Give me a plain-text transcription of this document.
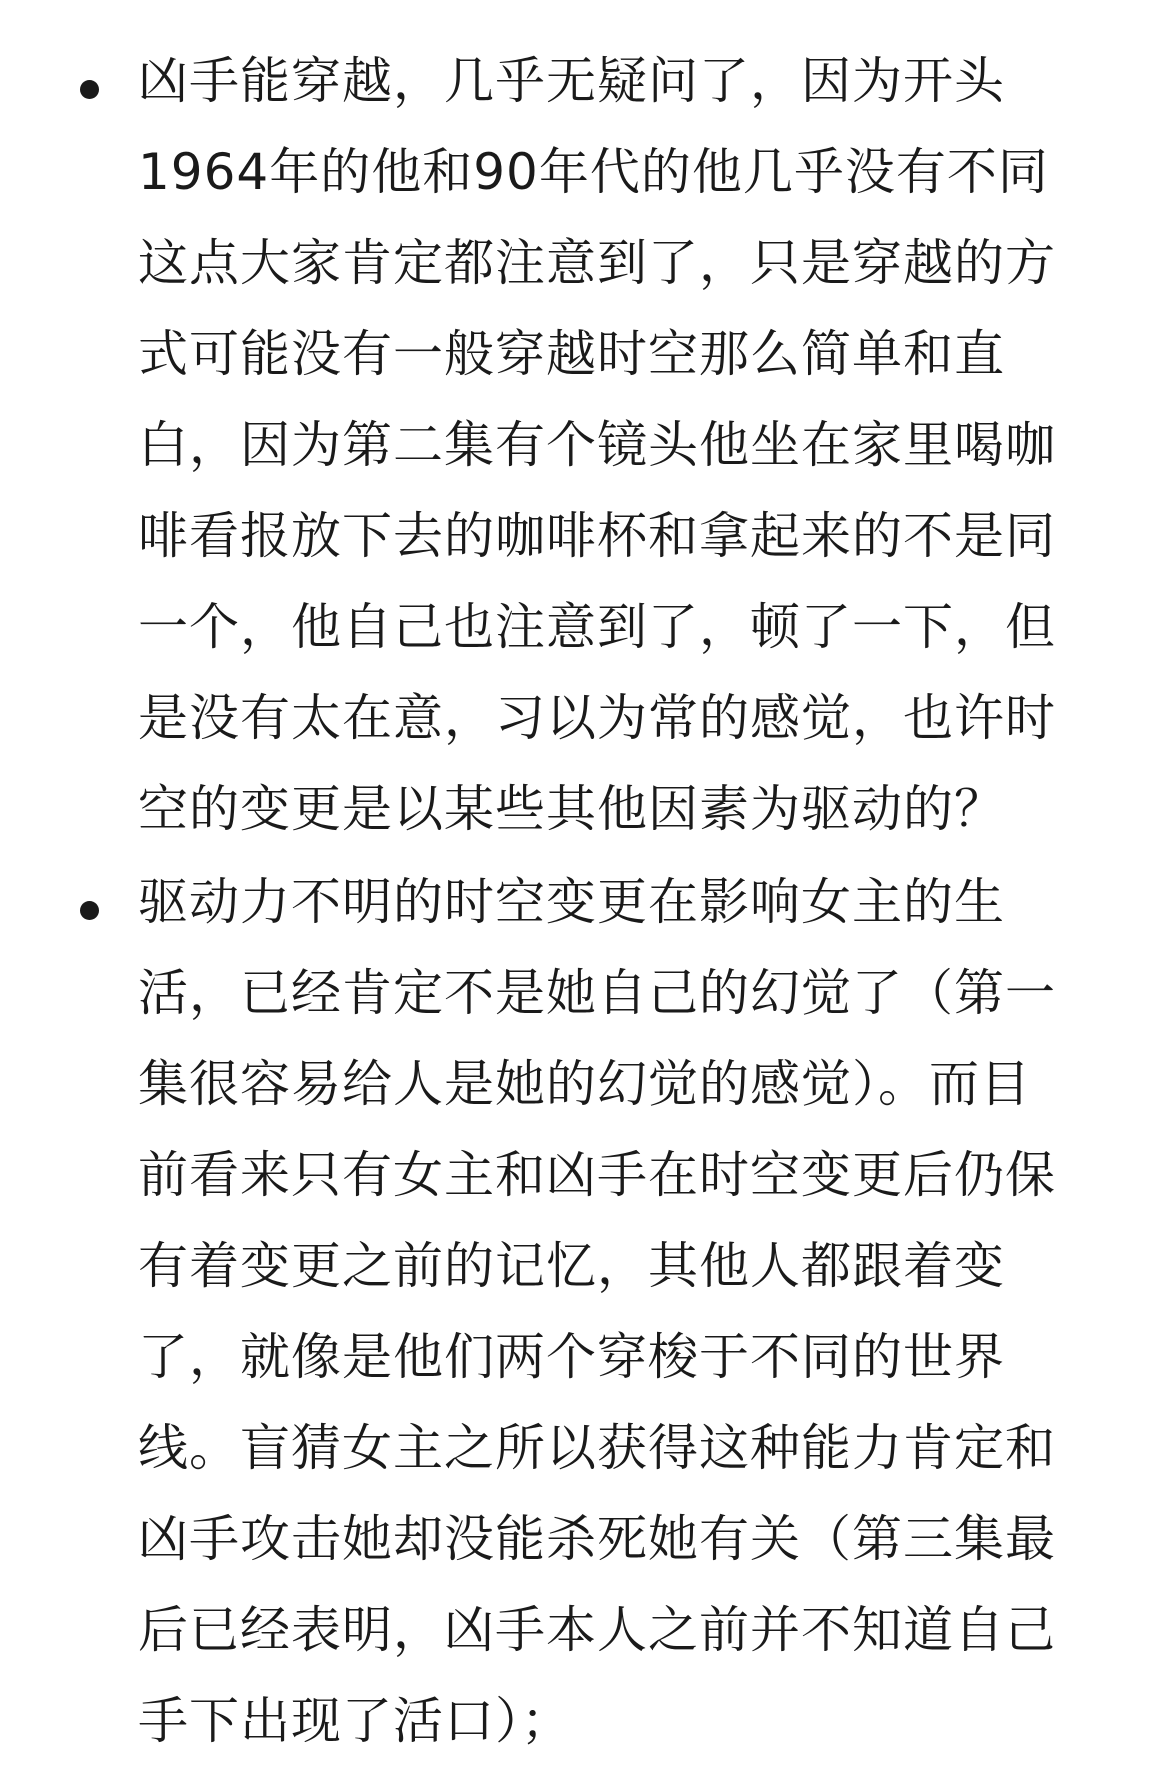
凶手能穿越，几乎无疑问了，因为开头
1964年的他和90年代的他几乎没有不同
这点大家肯定都注意到了，只是穿越的方
式可能没有一般穿越时空那么简单和直
白，因为第二集有个镜头他坐在家里喝咖
啡看报放下去的咖啡杯和拿起来的不是同
一个，他自己也注意到了，顿了一下，但
是没有太在意，习以为常的感觉，也许时
空的变更是以某些其他因素为驱动的？
驱动力不明的时空变更在影响女主的生
活，已经肯定不是她自己的幻觉了（第一
集很容易给人是她的幻觉的感觉）。而目
前看来只有女主和凶手在时空变更后仍保
有着变更之前的记忆，其他人都跟着变
了，就像是他们两个穿梭于不同的世界
线。盲猜女主之所以获得这种能力肯定和
凶手攻击她却没能杀死她有关（第三集最
后已经表明，凶手本人之前并不知道自己
手下出现了活口）；
